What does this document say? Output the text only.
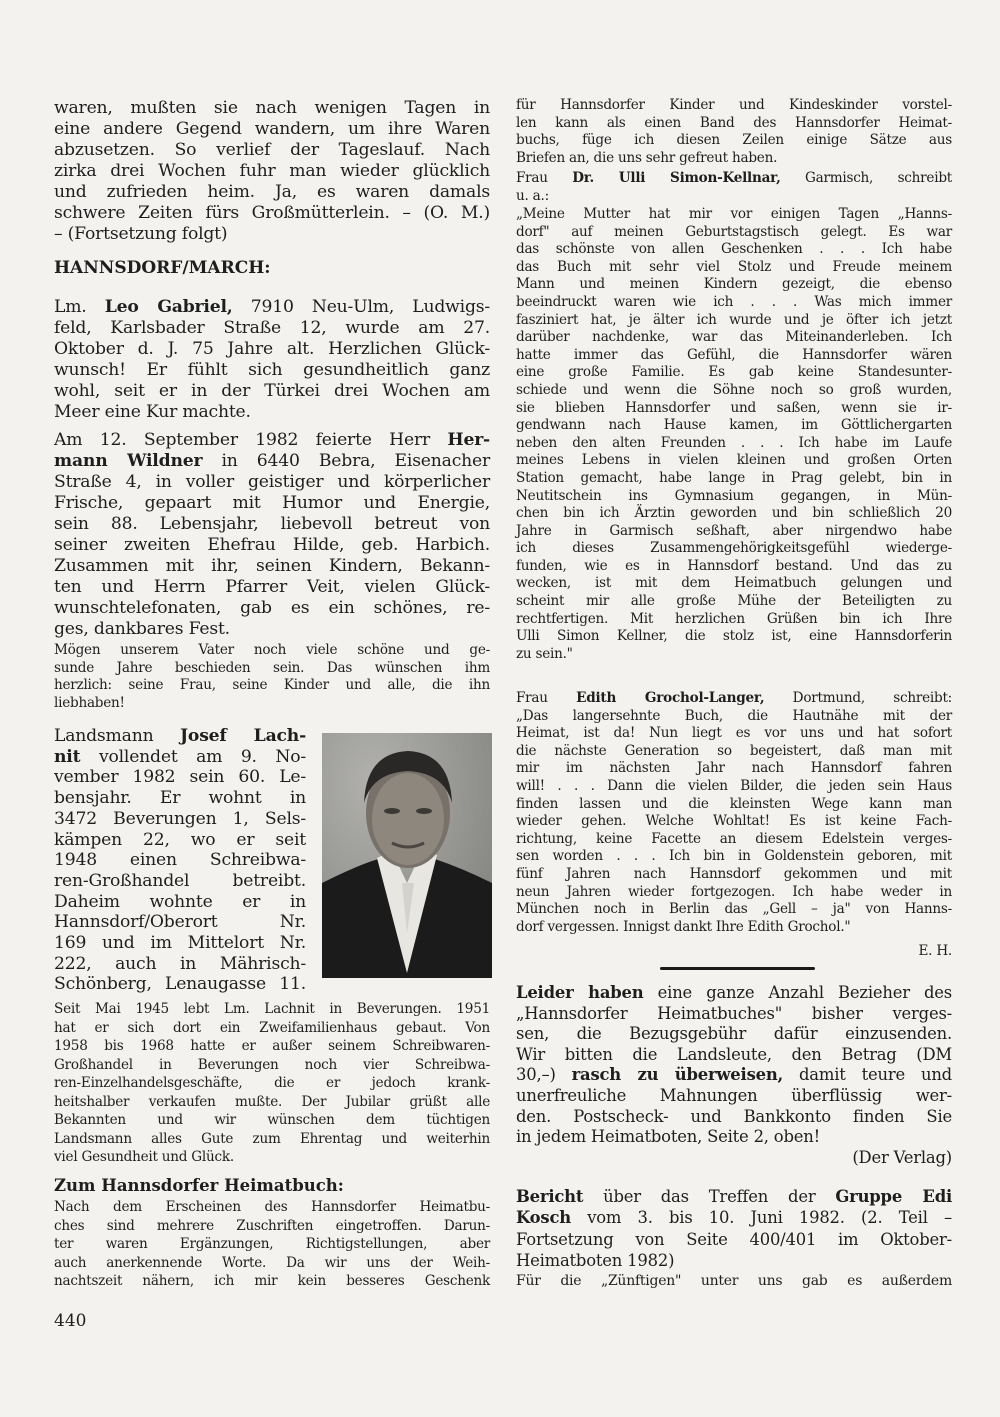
waren, mußten sie nach wenigen Tagen in
eine andere Gegend wandern, um ihre Waren
abzusetzen. So verlief der Tageslauf. Nach
zirka drei Wochen fuhr man wieder glücklich
und zufrieden heim. Ja, es waren damals
schwere Zeiten fürs Großmütterlein. – (O. M.)
– (Fortsetzung folgt)
HANNSDORF/MARCH:
Lm. Leo Gabriel, 7910 Neu-Ulm, Ludwigs-
feld, Karlsbader Straße 12, wurde am 27.
Oktober d. J. 75 Jahre alt. Herzlichen Glück-
wunsch! Er fühlt sich gesundheitlich ganz
wohl, seit er in der Türkei drei Wochen am
Meer eine Kur machte.
Am 12. September 1982 feierte Herr Her-
mann Wildner in 6440 Bebra, Eisenacher
Straße 4, in voller geistiger und körperlicher
Frische, gepaart mit Humor und Energie,
sein 88. Lebensjahr, liebevoll betreut von
seiner zweiten Ehefrau Hilde, geb. Harbich.
Zusammen mit ihr, seinen Kindern, Bekann-
ten und Herrn Pfarrer Veit, vielen Glück-
wunschtelefonaten, gab es ein schönes, re-
ges, dankbares Fest.
Mögen unserem Vater noch viele schöne und ge-
sunde Jahre beschieden sein. Das wünschen ihm
herzlich: seine Frau, seine Kinder und alle, die ihn
liebhaben!
Landsmann Josef Lach-
nit vollendet am 9. No-
vember 1982 sein 60. Le-
bensjahr. Er wohnt in
3472 Beverungen 1, Sels-
kämpen 22, wo er seit
1948 einen Schreibwa-
ren-Großhandel betreibt.
Daheim wohnte er in
Hannsdorf/Oberort Nr.
169 und im Mittelort Nr.
222, auch in Mährisch-
Schönberg, Lenaugasse 11.
Seit Mai 1945 lebt Lm. Lachnit in Beverungen. 1951
hat er sich dort ein Zweifamilienhaus gebaut. Von
1958 bis 1968 hatte er außer seinem Schreibwaren-
Großhandel in Beverungen noch vier Schreibwa-
ren-Einzelhandelsgeschäfte, die er jedoch krank-
heitshalber verkaufen mußte. Der Jubilar grüßt alle
Bekannten und wir wünschen dem tüchtigen
Landsmann alles Gute zum Ehrentag und weiterhin
viel Gesundheit und Glück.
Zum Hannsdorfer Heimatbuch:
Nach dem Erscheinen des Hannsdorfer Heimatbu-
ches sind mehrere Zuschriften eingetroffen. Darun-
ter waren Ergänzungen, Richtigstellungen, aber
auch anerkennende Worte. Da wir uns der Weih-
nachtszeit nähern, ich mir kein besseres Geschenk
440
für Hannsdorfer Kinder und Kindeskinder vorstel-
len kann als einen Band des Hannsdorfer Heimat-
buchs, füge ich diesen Zeilen einige Sätze aus
Briefen an, die uns sehr gefreut haben.
Frau Dr. Ulli Simon-Kellnar, Garmisch, schreibt
u. a.:
„Meine Mutter hat mir vor einigen Tagen „Hanns-
dorf" auf meinen Geburtstagstisch gelegt. Es war
das schönste von allen Geschenken . . . Ich habe
das Buch mit sehr viel Stolz und Freude meinem
Mann und meinen Kindern gezeigt, die ebenso
beeindruckt waren wie ich . . . Was mich immer
fasziniert hat, je älter ich wurde und je öfter ich jetzt
darüber nachdenke, war das Miteinanderleben. Ich
hatte immer das Gefühl, die Hannsdorfer wären
eine große Familie. Es gab keine Standesunter-
schiede und wenn die Söhne noch so groß wurden,
sie blieben Hannsdorfer und saßen, wenn sie ir-
gendwann nach Hause kamen, im Göttlichergarten
neben den alten Freunden . . . Ich habe im Laufe
meines Lebens in vielen kleinen und großen Orten
Station gemacht, habe lange in Prag gelebt, bin in
Neutitschein ins Gymnasium gegangen, in Mün-
chen bin ich Ärztin geworden und bin schließlich 20
Jahre in Garmisch seßhaft, aber nirgendwo habe
ich dieses Zusammengehörigkeitsgefühl wiederge-
funden, wie es in Hannsdorf bestand. Und das zu
wecken, ist mit dem Heimatbuch gelungen und
scheint mir alle große Mühe der Beteiligten zu
rechtfertigen. Mit herzlichen Grüßen bin ich Ihre
Ulli Simon Kellner, die stolz ist, eine Hannsdorferin
zu sein."
Frau Edith Grochol-Langer, Dortmund, schreibt:
„Das langersehnte Buch, die Hautnähe mit der
Heimat, ist da! Nun liegt es vor uns und hat sofort
die nächste Generation so begeistert, daß man mit
mir im nächsten Jahr nach Hannsdorf fahren
will! . . . Dann die vielen Bilder, die jeden sein Haus
finden lassen und die kleinsten Wege kann man
wieder gehen. Welche Wohltat! Es ist keine Fach-
richtung, keine Facette an diesem Edelstein verges-
sen worden . . . Ich bin in Goldenstein geboren, mit
fünf Jahren nach Hannsdorf gekommen und mit
neun Jahren wieder fortgezogen. Ich habe weder in
München noch in Berlin das „Gell – ja" von Hanns-
dorf vergessen. Innigst dankt Ihre Edith Grochol."
E. H.
Leider haben eine ganze Anzahl Bezieher des
„Hannsdorfer Heimatbuches" bisher verges-
sen, die Bezugsgebühr dafür einzusenden.
Wir bitten die Landsleute, den Betrag (DM
30,–) rasch zu überweisen, damit teure und
unerfreuliche Mahnungen überflüssig wer-
den. Postscheck- und Bankkonto finden Sie
in jedem Heimatboten, Seite 2, oben!
(Der Verlag)
Bericht über das Treffen der Gruppe Edi
Kosch vom 3. bis 10. Juni 1982. (2. Teil –
Fortsetzung von Seite 400/401 im Oktober-
Heimatboten 1982)
Für die „Zünftigen" unter uns gab es außerdem
